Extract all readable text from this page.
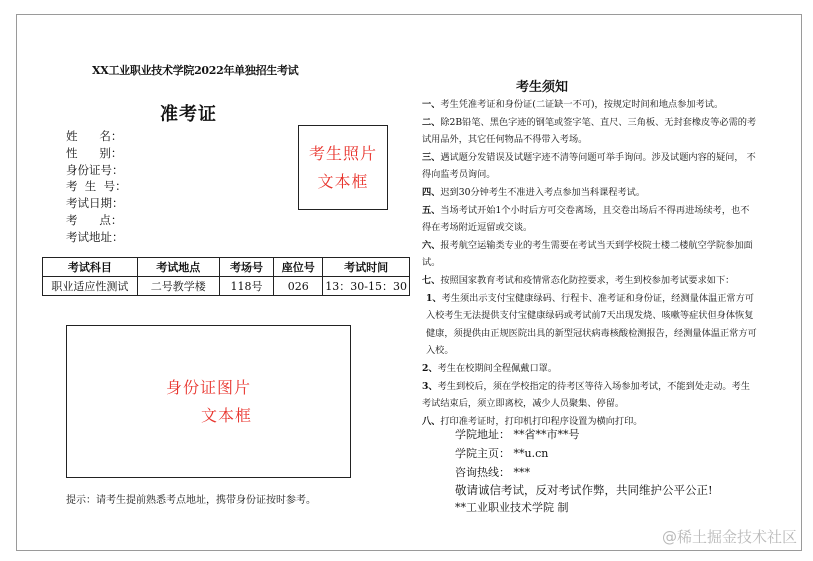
XX工业职业技术学院2022年单独招生考试
准考证
姓      名：
性      别：
身份证号：
考  生  号：
考试日期：
考      点：
考试地址：
考生照片
文本框
考试科目	考试地点	考场号	座位号	考试时间
职业适应性测试	二号教学楼	118号	026	13：30-15：30
身份证图片
文本框
提示：请考生提前熟悉考点地址，携带身份证按时参考。
考生须知

一、考生凭准考证和身份证(二证缺一不可)，按规定时间和地点参加考试。

二、除2B铅笔、黑色字迹的钢笔或签字笔、直尺、三角板、无封套橡皮等必需的考试用品外，其它任何物品不得带入考场。

三、遇试题分发错误及试题字迹不清等问题可举手询问。涉及试题内容的疑问， 不得向监考员询问。

四、迟到30分钟考生不准进入考点参加当科课程考试。

五、当场考试开始1个小时后方可交卷离场，且交卷出场后不得再进场续考，也不得在考场附近逗留或交谈。

六、报考航空运输类专业的考生需要在考试当天到学校院士楼二楼航空学院参加面试。

七、按照国家教育考试和疫情常态化防控要求，考生到校参加考试要求如下：

1、考生须出示支付宝健康绿码、行程卡、准考证和身份证，经测量体温正常方可入校考生无法提供支付宝健康绿码或考试前7天出现发烧、咳嗽等症状但身体恢复健康，须提供由正规医院出具的新型冠状病毒核酸检测报告，经测量体温正常方可入校。

2、考生在校期间全程佩戴口罩。

3、考生到校后，须在学校指定的待考区等待入场参加考试，不能到处走动。考生考试结束后，须立即离校，减少人员聚集、停留。

八、打印准考证时，打印机打印程序设置为横向打印。

学院地址： **省**市**号
学院主页： **u.cn
咨询热线： ***
敬请诚信考试，反对考试作弊，共同维护公平公正!
**工业职业技术学院 制
@稀土掘金技术社区
